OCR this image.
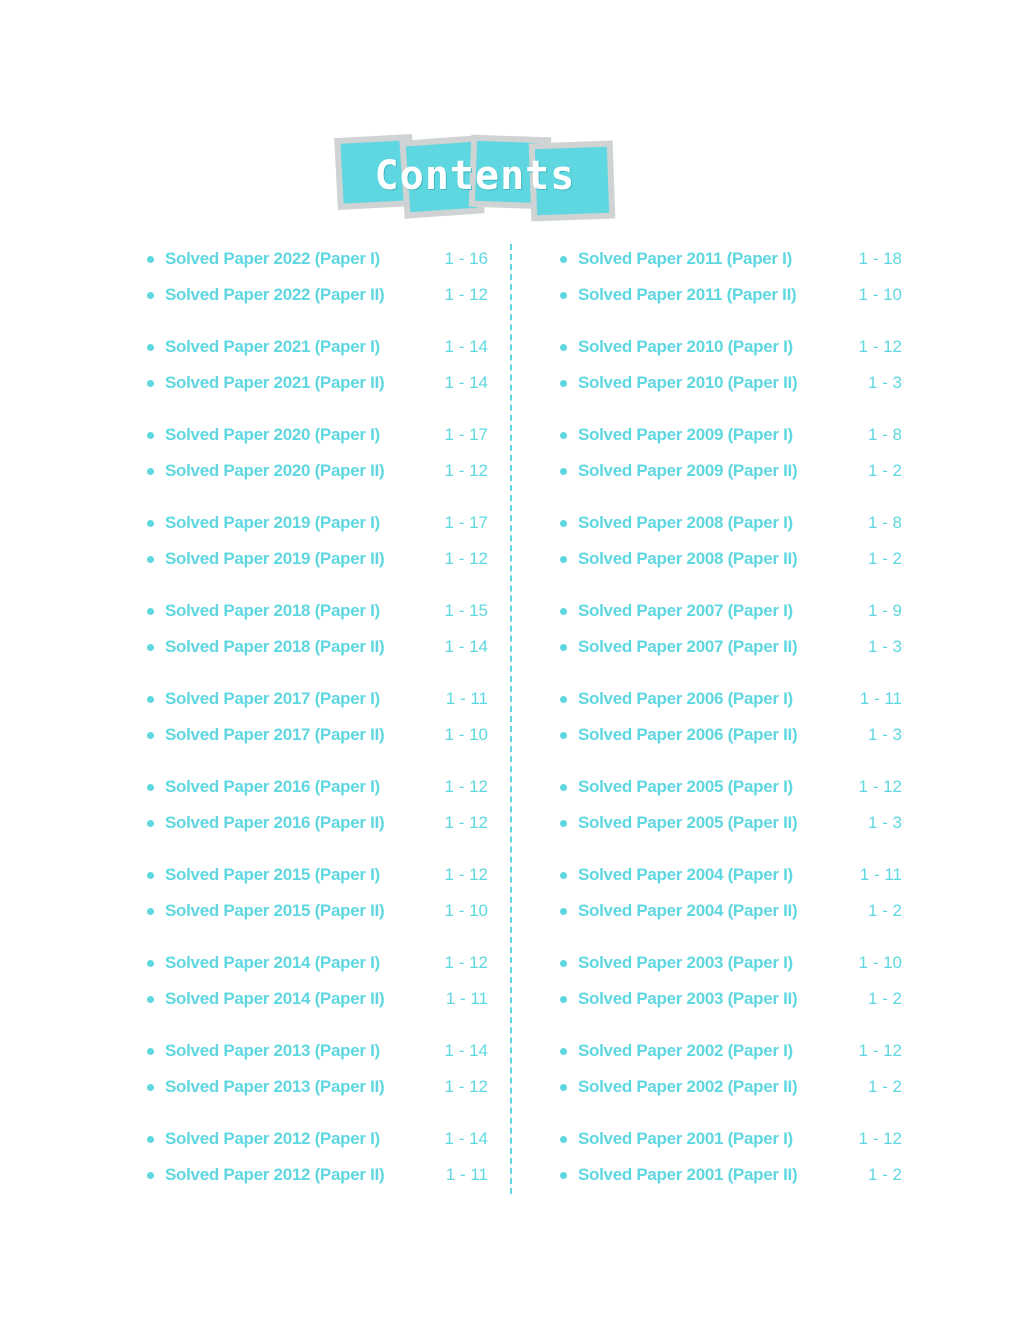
Contents
Solved Paper 2022 (Paper I)	1 - 16
Solved Paper 2022 (Paper II)	1 - 12
Solved Paper 2021 (Paper I)	1 - 14
Solved Paper 2021 (Paper II)	1 - 14
Solved Paper 2020 (Paper I)	1 - 17
Solved Paper 2020 (Paper II)	1 - 12
Solved Paper 2019 (Paper I)	1 - 17
Solved Paper 2019 (Paper II)	1 - 12
Solved Paper 2018 (Paper I)	1 - 15
Solved Paper 2018 (Paper II)	1 - 14
Solved Paper 2017 (Paper I)	1 - 11
Solved Paper 2017 (Paper II)	1 - 10
Solved Paper 2016 (Paper I)	1 - 12
Solved Paper 2016 (Paper II)	1 - 12
Solved Paper 2015 (Paper I)	1 - 12
Solved Paper 2015 (Paper II)	1 - 10
Solved Paper 2014 (Paper I)	1 - 12
Solved Paper 2014 (Paper II)	1 - 11
Solved Paper 2013 (Paper I)	1 - 14
Solved Paper 2013 (Paper II)	1 - 12
Solved Paper 2012 (Paper I)	1 - 14
Solved Paper 2012 (Paper II)	1 - 11
Solved Paper 2011 (Paper I)	1 - 18
Solved Paper 2011 (Paper II)	1 - 10
Solved Paper 2010 (Paper I)	1 - 12
Solved Paper 2010 (Paper II)	1 - 3
Solved Paper 2009 (Paper I)	1 - 8
Solved Paper 2009 (Paper II)	1 - 2
Solved Paper 2008 (Paper I)	1 - 8
Solved Paper 2008 (Paper II)	1 - 2
Solved Paper 2007 (Paper I)	1 - 9
Solved Paper 2007 (Paper II)	1 - 3
Solved Paper 2006 (Paper I)	1 - 11
Solved Paper 2006 (Paper II)	1 - 3
Solved Paper 2005 (Paper I)	1 - 12
Solved Paper 2005 (Paper II)	1 - 3
Solved Paper 2004 (Paper I)	1 - 11
Solved Paper 2004 (Paper II)	1 - 2
Solved Paper 2003 (Paper I)	1 - 10
Solved Paper 2003 (Paper II)	1 - 2
Solved Paper 2002 (Paper I)	1 - 12
Solved Paper 2002 (Paper II)	1 - 2
Solved Paper 2001 (Paper I)	1 - 12
Solved Paper 2001 (Paper II)	1 - 2
